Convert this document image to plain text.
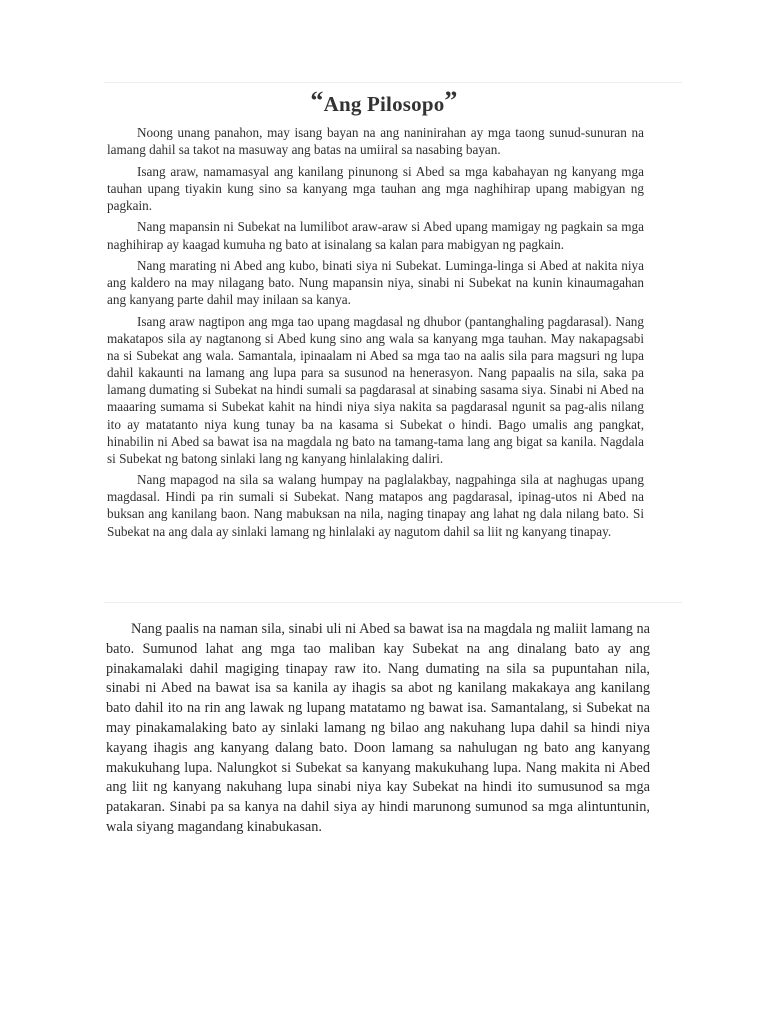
“Ang Pilosopo”

Noong unang panahon, may isang bayan na ang naninirahan ay mga taong sunud-sunuran na lamang dahil sa takot na masuway ang batas na umiiral sa nasabing bayan.

Isang araw, namamasyal ang kanilang pinunong si Abed sa mga kabahayan ng kanyang mga tauhan upang tiyakin kung sino sa kanyang mga tauhan ang mga naghihirap upang mabigyan ng pagkain.

Nang mapansin ni Subekat na lumilibot araw-araw si Abed upang mamigay ng pagkain sa mga naghihirap ay kaagad kumuha ng bato at isinalang sa kalan para mabigyan ng pagkain.

Nang marating ni Abed ang kubo, binati siya ni Subekat. Luminga-linga si Abed at nakita niya ang kaldero na may nilagang bato. Nung mapansin niya, sinabi ni Subekat na kunin kinaumagahan ang kanyang parte dahil may inilaan sa kanya.

Isang araw nagtipon ang mga tao upang magdasal ng dhubor (pantanghaling pagdarasal). Nang makatapos sila ay nagtanong si Abed kung sino ang wala sa kanyang mga tauhan. May nakapagsabi na si Subekat ang wala. Samantala, ipinaalam ni Abed sa mga tao na aalis sila para magsuri ng lupa dahil kakaunti na lamang ang lupa para sa susunod na henerasyon. Nang papaalis na sila, saka pa lamang dumating si Subekat na hindi sumali sa pagdarasal at sinabing sasama siya. Sinabi ni Abed na maaaring sumama si Subekat kahit na hindi niya siya nakita sa pagdarasal ngunit sa pag-alis nilang ito ay matatanto niya kung tunay ba na kasama si Subekat o hindi. Bago umalis ang pangkat, hinabilin ni Abed sa bawat isa na magdala ng bato na tamang-tama lang ang bigat sa kanila. Nagdala si Subekat ng batong sinlaki lang ng kanyang hinlalaking daliri.

Nang mapagod na sila sa walang humpay na paglalakbay, nagpahinga sila at naghugas upang magdasal. Hindi pa rin sumali si Subekat. Nang matapos ang pagdarasal, ipinag-utos ni Abed na buksan ang kanilang baon. Nang mabuksan na nila, naging tinapay ang lahat ng dala nilang bato. Si Subekat na ang dala ay sinlaki lamang ng hinlalaki ay nagutom dahil sa liit ng kanyang tinapay.

Nang paalis na naman sila, sinabi uli ni Abed sa bawat isa na magdala ng maliit lamang na bato. Sumunod lahat ang mga tao maliban kay Subekat na ang dinalang bato ay ang pinakamalaki dahil magiging tinapay raw ito. Nang dumating na sila sa pupuntahan nila, sinabi ni Abed na bawat isa sa kanila ay ihagis sa abot ng kanilang makakaya ang kanilang bato dahil ito na rin ang lawak ng lupang matatamo ng bawat isa. Samantalang, si Subekat na may pinakamalaking bato ay sinlaki lamang ng bilao ang nakuhang lupa dahil sa hindi niya kayang ihagis ang kanyang dalang bato. Doon lamang sa nahulugan ng bato ang kanyang makukuhang lupa. Nalungkot si Subekat sa kanyang makukuhang lupa. Nang makita ni Abed ang liit ng kanyang nakuhang lupa sinabi niya kay Subekat na hindi ito sumusunod sa mga patakaran. Sinabi pa sa kanya na dahil siya ay hindi marunong sumunod sa mga alintuntunin, wala siyang magandang kinabukasan.
